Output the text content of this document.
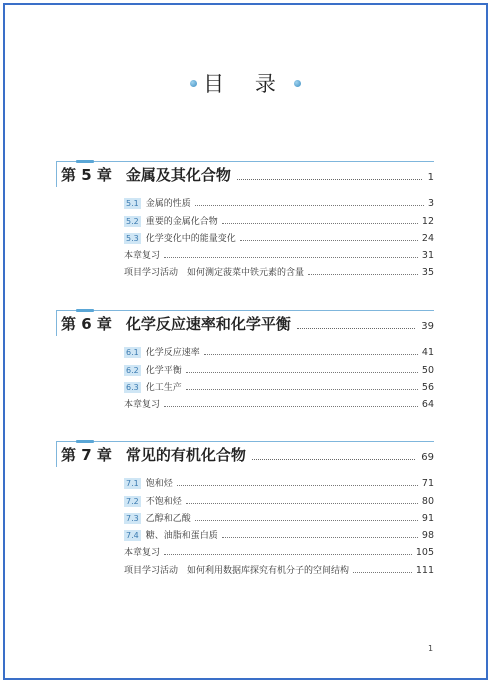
目 录
第 5 章 金属及其化合物	1
5.1 金属的性质	3
5.2 重要的金属化合物	12
5.3 化学变化中的能量变化	24
本章复习	31
项目学习活动　如何测定菠菜中铁元素的含量	35
第 6 章 化学反应速率和化学平衡	39
6.1 化学反应速率	41
6.2 化学平衡	50
6.3 化工生产	56
本章复习	64
第 7 章 常见的有机化合物	69
7.1 饱和烃	71
7.2 不饱和烃	80
7.3 乙醇和乙酸	91
7.4 糖、油脂和蛋白质	98
本章复习	105
项目学习活动　如何利用数据库探究有机分子的空间结构	111
1
